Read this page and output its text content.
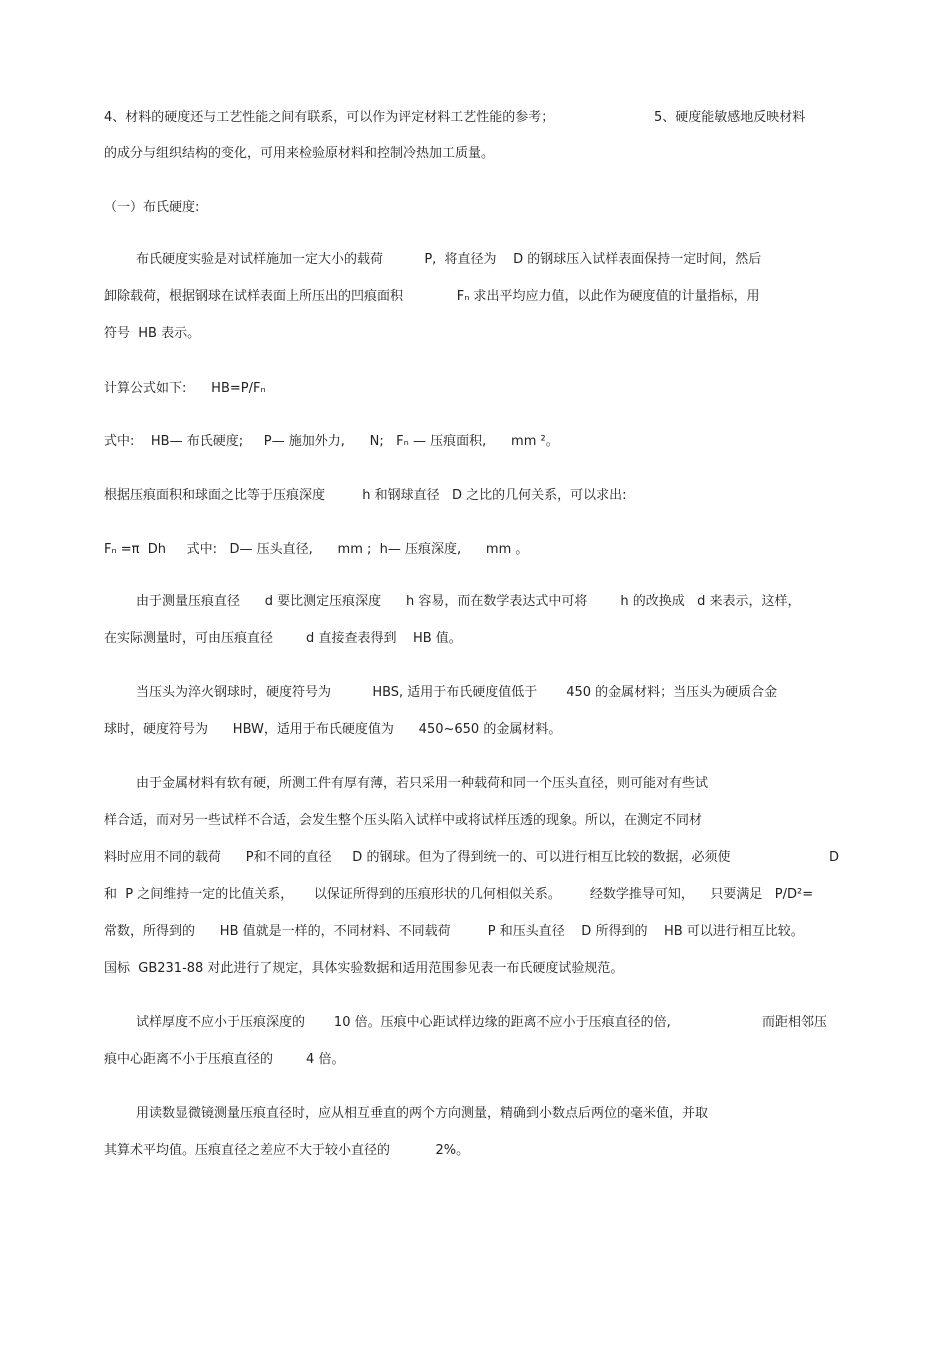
4、材料的硬度还与工艺性能之间有联系，可以作为评定材料工艺性能的参考；	5、硬度能敏感地反映材料
的成分与组织结构的变化，可用来检验原材料和控制冷热加工质量。
（一）布氏硬度:
布氏硬度实验是对试样施加一定大小的载荷          P,  将直径为    D 的钢球压入试样表面保持一定时间，然后
卸除载荷，根据钢球在试样表面上所压出的凹痕面积             Fₙ 求出平均应力值，以此作为硬度值的计量指标，用
符号  HB 表示。
计算公式如下:      HB=P/Fₙ
式中:    HB— 布氏硬度;     P— 施加外力,      N;   Fₙ — 压痕面积,      mm ²。
根据压痕面积和球面之比等于压痕深度         h 和钢球直径   D 之比的几何关系，可以求出:
Fₙ =π  Dh     式中:   D— 压头直径,      mm ;  h— 压痕深度,      mm 。
由于测量压痕直径      d 要比测定压痕深度      h 容易，而在数学表达式中可将        h 的改换成   d 来表示，这样，
在实际测量时，可由压痕直径        d 直接查表得到    HB 值。
当压头为淬火钢球时，硬度符号为          HBS, 适用于布氏硬度值低于       450 的金属材料；当压头为硬质合金
球时，硬度符号为      HBW，适用于布氏硬度值为      450~650 的金属材料。
由于金属材料有软有硬，所测工件有厚有薄，若只采用一种载荷和同一个压头直径，则可能对有些试
样合适，而对另一些试样不合适，会发生整个压头陷入试样中或将试样压透的现象。所以，在测定不同材
料时应用不同的载荷      P和不同的直径     D 的钢球。但为了得到统一的、可以进行相互比较的数据，必须使	D
和  P 之间维持一定的比值关系，     以保证所得到的压痕形状的几何相似关系。       经数学推导可知，    只要满足   P/D²=
常数，所得到的      HB 值就是一样的，不同材料、不同载荷         P 和压头直径    D 所得到的    HB 可以进行相互比较。
国标  GB231-88 对此进行了规定，具体实验数据和适用范围参见表一布氏硬度试验规范。
试样厚度不应小于压痕深度的       10 倍。压痕中心距试样边缘的距离不应小于压痕直径的倍,	而距相邻压
痕中心距离不小于压痕直径的        4 倍。
用读数显微镜测量压痕直径时，应从相互垂直的两个方向测量，精确到小数点后两位的毫米值，并取
其算术平均值。压痕直径之差应不大于较小直径的           2%。
